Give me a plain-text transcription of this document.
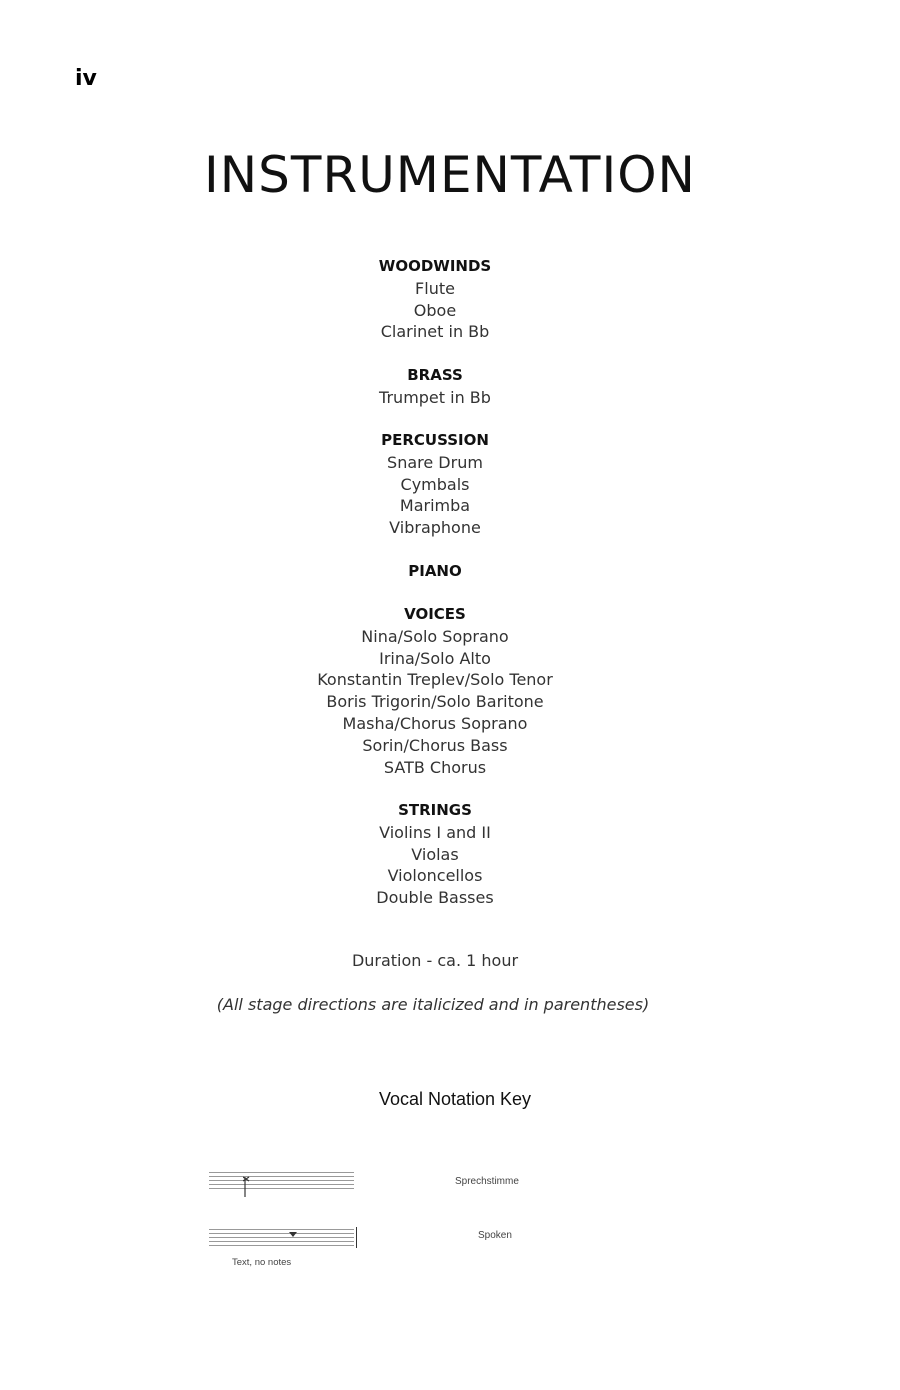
iv
INSTRUMENTATION
WOODWINDS
Flute
Oboe
Clarinet in Bb
BRASS
Trumpet in Bb
PERCUSSION
Snare Drum
Cymbals
Marimba
Vibraphone
PIANO
VOICES
Nina/Solo Soprano
Irina/Solo Alto
Konstantin Treplev/Solo Tenor
Boris Trigorin/Solo Baritone
Masha/Chorus Soprano
Sorin/Chorus Bass
SATB Chorus
STRINGS
Violins I and II
Violas
Violoncellos
Double Basses
Duration - ca. 1 hour
(All stage directions are italicized and in parentheses)
Vocal Notation Key
Sprechstimme
Spoken
Text, no notes
